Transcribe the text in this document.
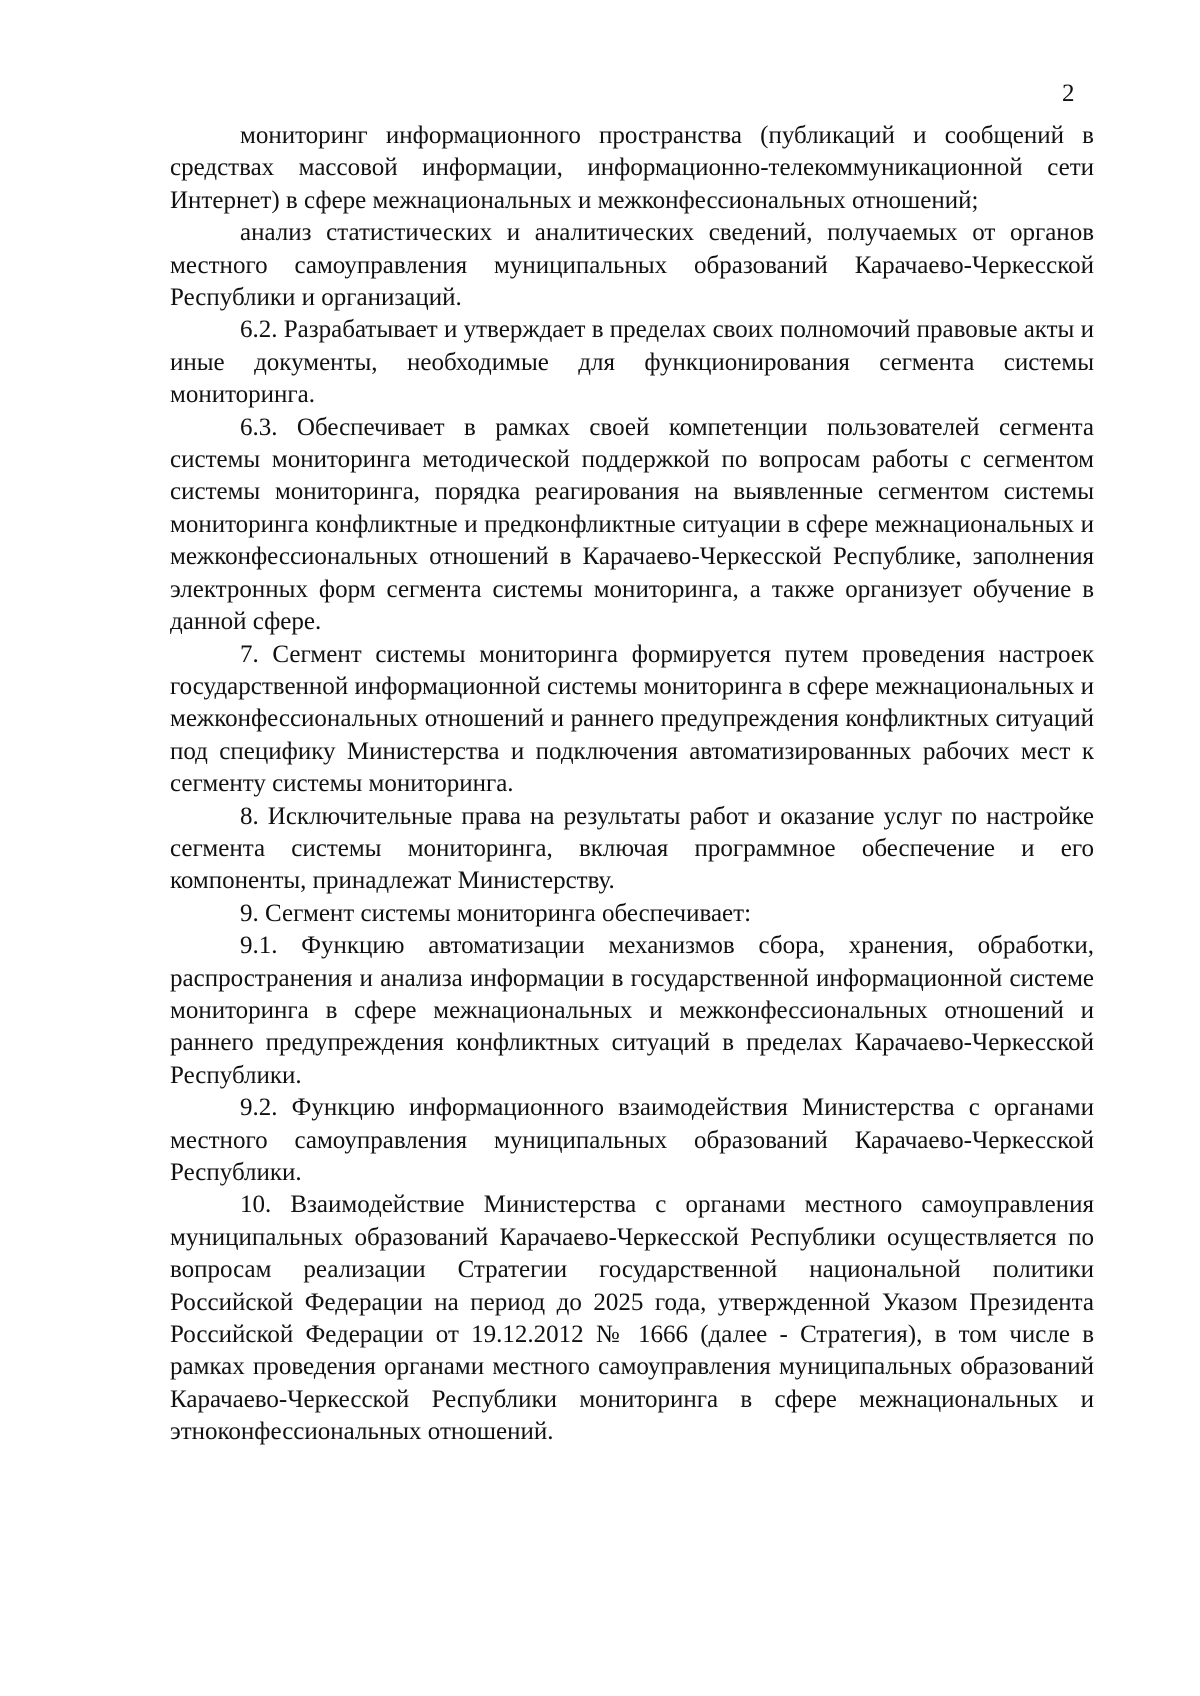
2

мониторинг информационного пространства (публикаций и сообщений в средствах массовой информации, информационно-телекоммуникационной сети Интернет) в сфере межнациональных и межконфессиональных отношений;

анализ статистических и аналитических сведений, получаемых от органов местного самоуправления муниципальных образований Карачаево-Черкесской Республики и организаций.

6.2. Разрабатывает и утверждает в пределах своих полномочий правовые акты и иные документы, необходимые для функционирования сегмента системы мониторинга.

6.3. Обеспечивает в рамках своей компетенции пользователей сегмента системы мониторинга методической поддержкой по вопросам работы с сегментом системы мониторинга, порядка реагирования на выявленные сегментом системы мониторинга конфликтные и предконфликтные ситуации в сфере межнациональных и межконфессиональных отношений в Карачаево-Черкесской Республике, заполнения электронных форм сегмента системы мониторинга, а также организует обучение в данной сфере.

7. Сегмент системы мониторинга формируется путем проведения настроек государственной информационной системы мониторинга в сфере межнациональных и межконфессиональных отношений и раннего предупреждения конфликтных ситуаций под специфику Министерства и подключения автоматизированных рабочих мест к сегменту системы мониторинга.

8. Исключительные права на результаты работ и оказание услуг по настройке сегмента системы мониторинга, включая программное обеспечение и его компоненты, принадлежат Министерству.

9. Сегмент системы мониторинга обеспечивает:

9.1. Функцию автоматизации механизмов сбора, хранения, обработки, распространения и анализа информации в государственной информационной системе мониторинга в сфере межнациональных и межконфессиональных отношений и раннего предупреждения конфликтных ситуаций в пределах Карачаево-Черкесской Республики.

9.2. Функцию информационного взаимодействия Министерства с органами местного самоуправления муниципальных образований Карачаево-Черкесской Республики.

10. Взаимодействие Министерства с органами местного самоуправления муниципальных образований Карачаево-Черкесской Республики осуществляется по вопросам реализации Стратегии государственной национальной политики Российской Федерации на период до 2025 года, утвержденной Указом Президента Российской Федерации от 19.12.2012 № 1666 (далее - Стратегия), в том числе в рамках проведения органами местного самоуправления муниципальных образований Карачаево-Черкесской Республики мониторинга в сфере межнациональных и этноконфессиональных отношений.
